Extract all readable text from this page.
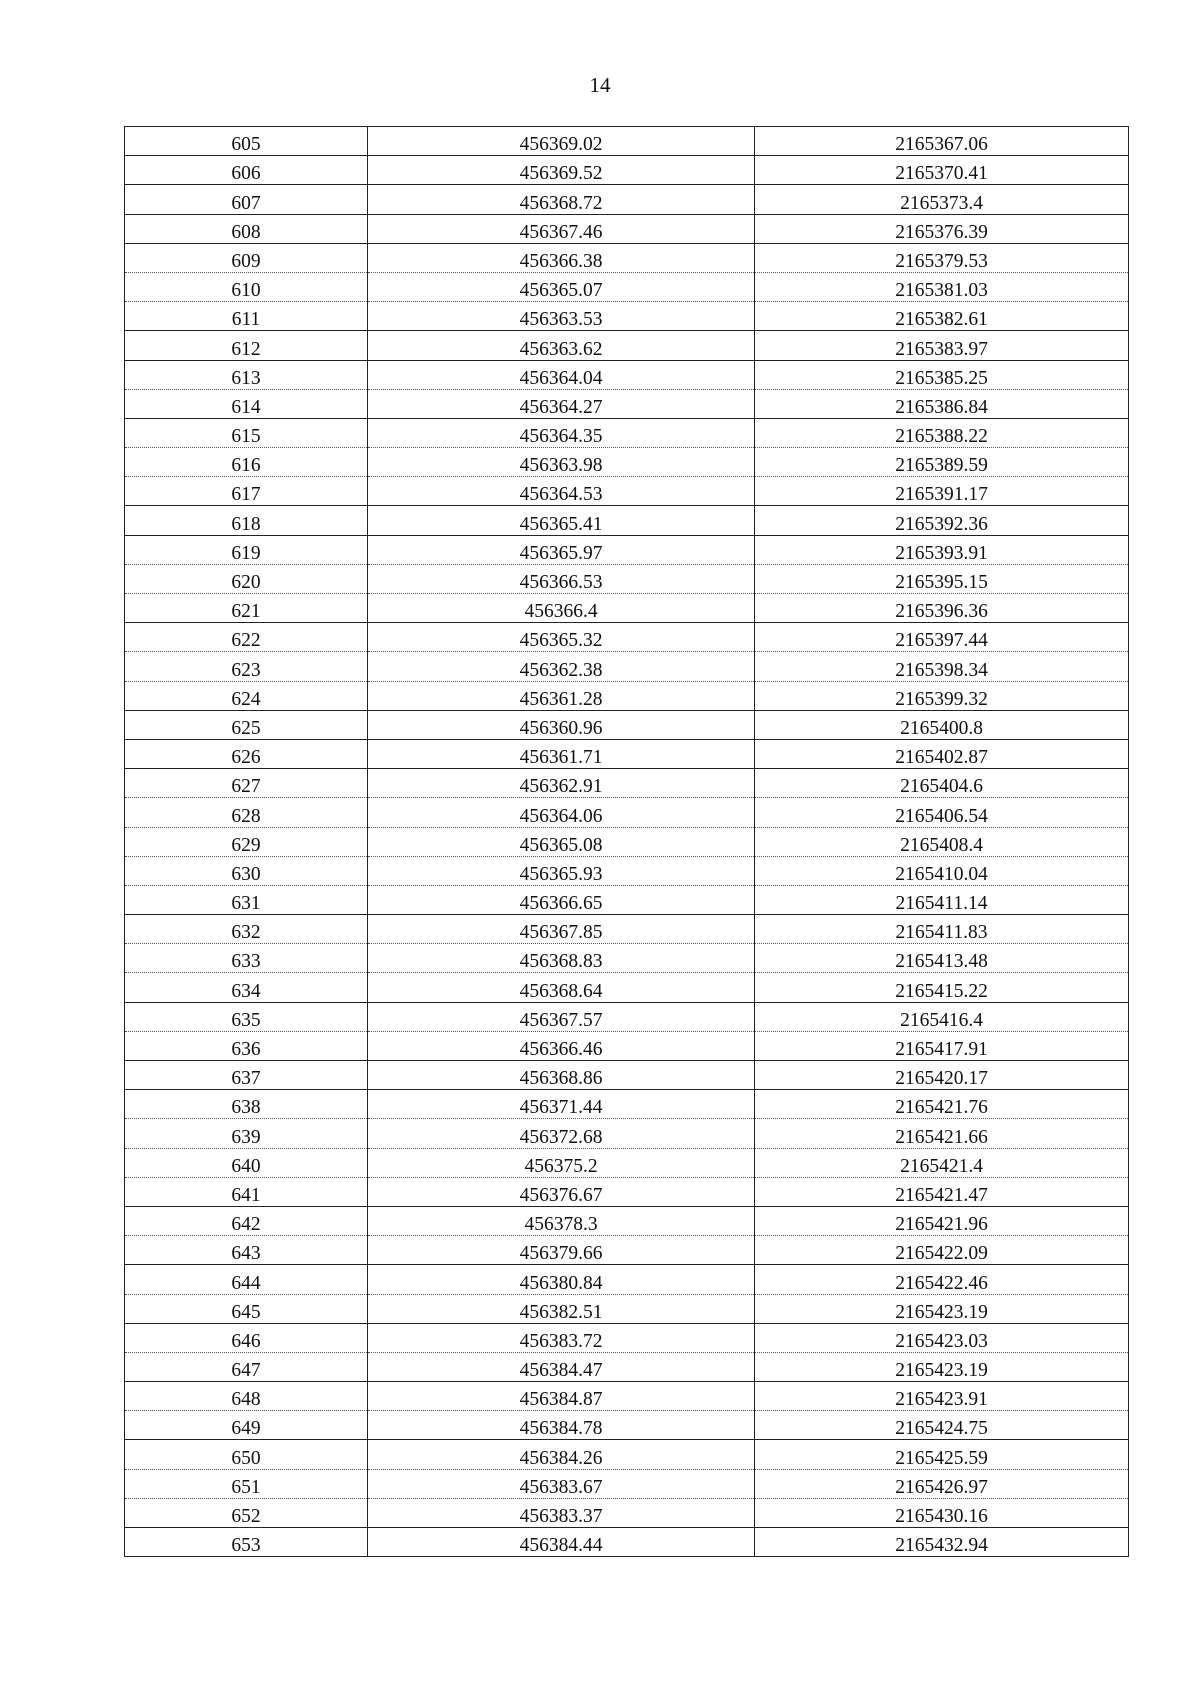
14
605	456369.02	2165367.06
606	456369.52	2165370.41
607	456368.72	2165373.4
608	456367.46	2165376.39
609	456366.38	2165379.53
610	456365.07	2165381.03
611	456363.53	2165382.61
612	456363.62	2165383.97
613	456364.04	2165385.25
614	456364.27	2165386.84
615	456364.35	2165388.22
616	456363.98	2165389.59
617	456364.53	2165391.17
618	456365.41	2165392.36
619	456365.97	2165393.91
620	456366.53	2165395.15
621	456366.4	2165396.36
622	456365.32	2165397.44
623	456362.38	2165398.34
624	456361.28	2165399.32
625	456360.96	2165400.8
626	456361.71	2165402.87
627	456362.91	2165404.6
628	456364.06	2165406.54
629	456365.08	2165408.4
630	456365.93	2165410.04
631	456366.65	2165411.14
632	456367.85	2165411.83
633	456368.83	2165413.48
634	456368.64	2165415.22
635	456367.57	2165416.4
636	456366.46	2165417.91
637	456368.86	2165420.17
638	456371.44	2165421.76
639	456372.68	2165421.66
640	456375.2	2165421.4
641	456376.67	2165421.47
642	456378.3	2165421.96
643	456379.66	2165422.09
644	456380.84	2165422.46
645	456382.51	2165423.19
646	456383.72	2165423.03
647	456384.47	2165423.19
648	456384.87	2165423.91
649	456384.78	2165424.75
650	456384.26	2165425.59
651	456383.67	2165426.97
652	456383.37	2165430.16
653	456384.44	2165432.94
